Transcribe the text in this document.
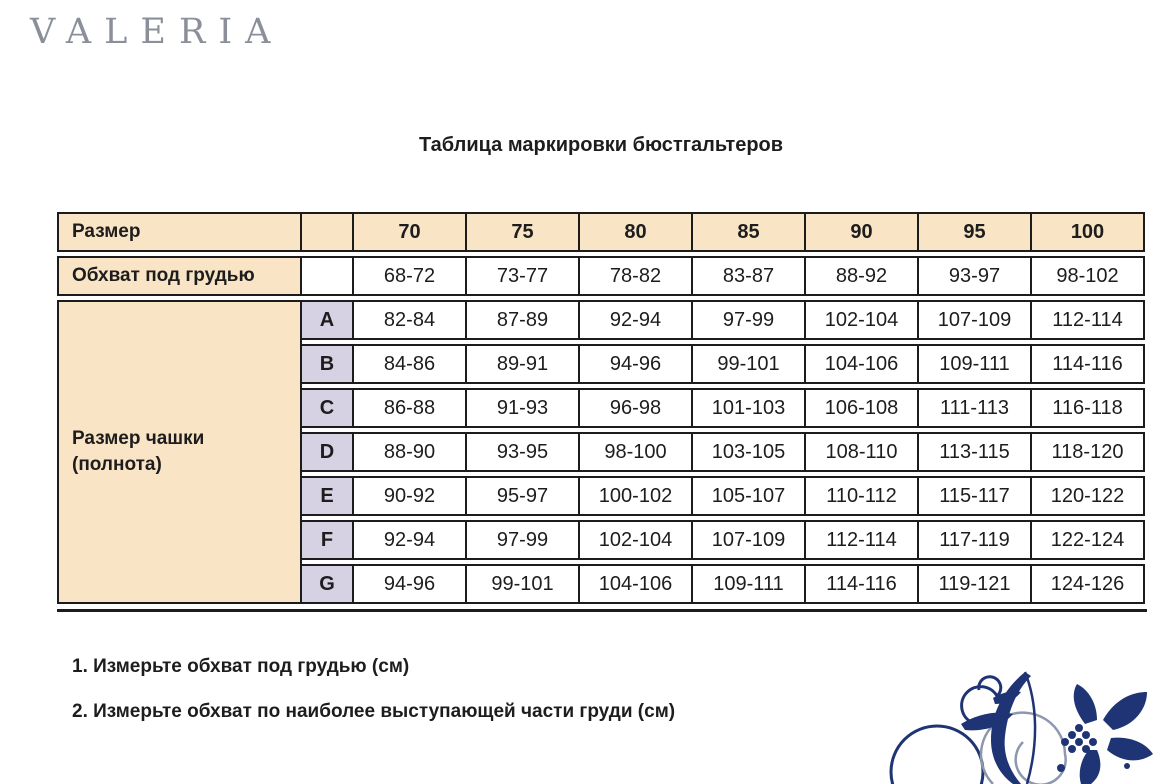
VALERIA
Таблица маркировки бюстгальтеров
Размер	70	75	80	85	90	95	100
Обхват под грудью	68-72	73-77	78-82	83-87	88-92	93-97	98-102
Размер чашки
(полнота)
A	82-84	87-89	92-94	97-99	102-104	107-109	112-114
B	84-86	89-91	94-96	99-101	104-106	109-111	114-116
C	86-88	91-93	96-98	101-103	106-108	111-113	116-118
D	88-90	93-95	98-100	103-105	108-110	113-115	118-120
E	90-92	95-97	100-102	105-107	110-112	115-117	120-122
F	92-94	97-99	102-104	107-109	112-114	117-119	122-124
G	94-96	99-101	104-106	109-111	114-116	119-121	124-126
1. Измерьте обхват под грудью (см)
2. Измерьте обхват по наиболее выступающей части груди (см)
